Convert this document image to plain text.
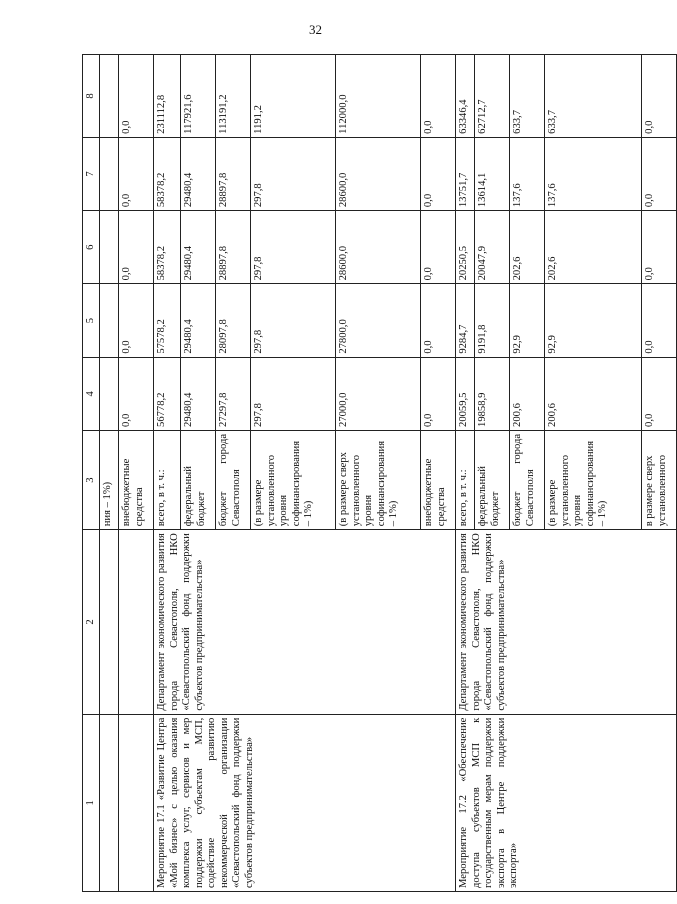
32
1	2	3	4	5	6	7	8
		ния – 1%)					
		внебюджетные средства	0,0	0,0	0,0	0,0	0,0
Мероприятие 17.1 «Развитие Центра «Мой бизнес» с целью оказания комплекса услуг, сервисов и мер поддержки субъектам МСП, содействие развитию некоммерческой организации «Севастопольский фонд поддержки субъектов предпринимательства»	Департамент экономического развития города Севастополя, НКО «Севастопольский фонд поддержки субъектов предпринимательства»	всего, в т. ч.:	56778,2	57578,2	58378,2	58378,2	231112,8
		федеральный бюджет	29480,4	29480,4	29480,4	29480,4	117921,6
		бюджет города Севастополя	27297,8	28097,8	28897,8	28897,8	113191,2
		(в размере установленного уровня софинансирования – 1%)	297,8	297,8	297,8	297,8	1191,2
		(в размере сверх установленного уровня софинансирования – 1%)	27000,0	27800,0	28600,0	28600,0	112000,0
		внебюджетные средства	0,0	0,0	0,0	0,0	0,0
Мероприятие 17.2 «Обеспечение доступа субъектов МСП к государственным мерам поддержки экспорта в Центре поддержки экспорта»	Департамент экономического развития города Севастополя, НКО «Севастопольский фонд поддержки субъектов предпринимательства»	всего, в т. ч.:	20059,5	9284,7	20250,5	13751,7	63346,4
		федеральный бюджет	19858,9	9191,8	20047,9	13614,1	62712,7
		бюджет города Севастополя	200,6	92,9	202,6	137,6	633,7
		(в размере установленного уровня софинансирования – 1%)	200,6	92,9	202,6	137,6	633,7
		в размере сверх установленного	0,0	0,0	0,0	0,0	0,0
